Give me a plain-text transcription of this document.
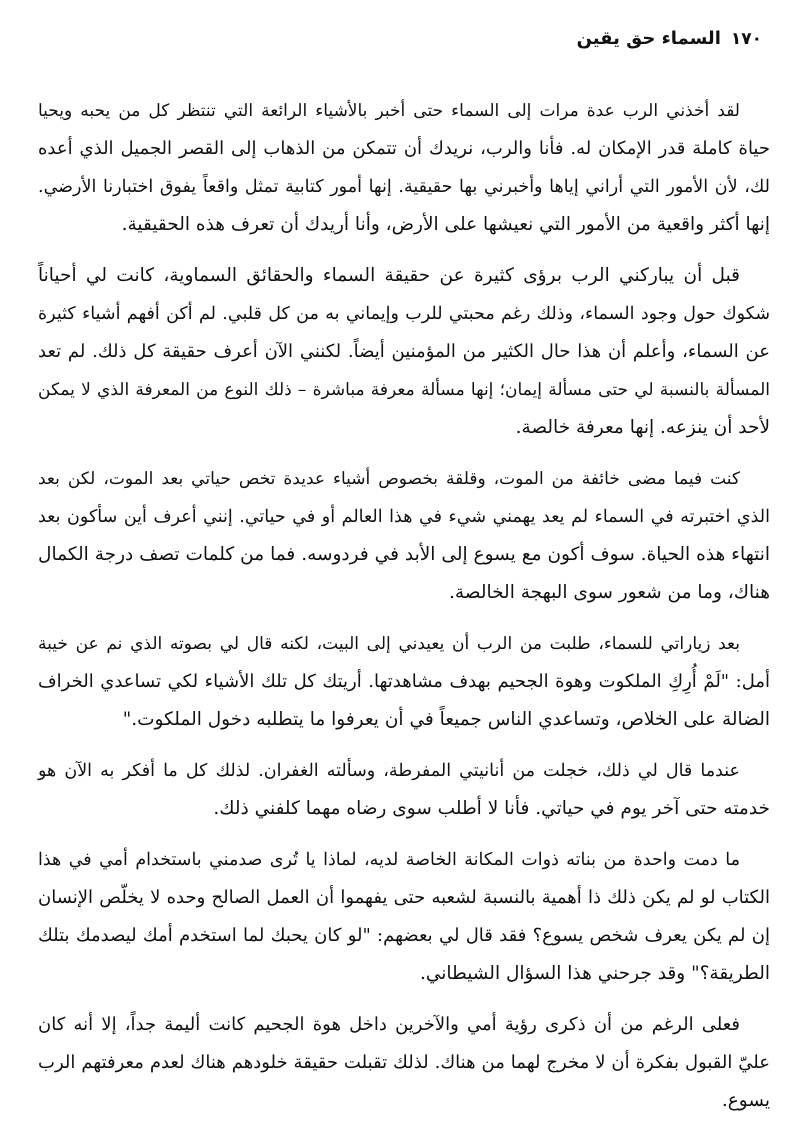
١٧٠
السماء حق يقين

لقد أخذني الرب عدة مرات إلى السماء حتى أخبر بالأشياء الرائعة التي تنتظر كل من يحبه ويحيا
حياة كاملة قدر الإمكان له. فأنا والرب، نريدك أن تتمكن من الذهاب إلى القصر الجميل الذي أعده
لك، لأن الأمور التي أراني إياها وأخبرني بها حقيقية. إنها أمور كتابية تمثل واقعاً يفوق اختبارنا الأرضي.
إنها أكثر واقعية من الأمور التي نعيشها على الأرض، وأنا أريدك أن تعرف هذه الحقيقية.

قبل أن يباركني الرب برؤى كثيرة عن حقيقة السماء والحقائق السماوية، كانت لي أحياناً
شكوك حول وجود السماء، وذلك رغم محبتي للرب وإيماني به من كل قلبي. لم أكن أفهم أشياء كثيرة
عن السماء، وأعلم أن هذا حال الكثير من المؤمنين أيضاً. لكنني الآن أعرف حقيقة كل ذلك. لم تعد
المسألة بالنسبة لي حتى مسألة إيمان؛ إنها مسألة معرفة مباشرة – ذلك النوع من المعرفة الذي لا يمكن
لأحد أن ينزعه. إنها معرفة خالصة.

كنت فيما مضى خائفة من الموت، وقلقة بخصوص أشياء عديدة تخص حياتي بعد الموت، لكن بعد
الذي اختبرته في السماء لم يعد يهمني شيء في هذا العالم أو في حياتي. إنني أعرف أين سأكون بعد
انتهاء هذه الحياة. سوف أكون مع يسوع إلى الأبد في فردوسه. فما من كلمات تصف درجة الكمال
هناك، وما من شعور سوى البهجة الخالصة.

بعد زياراتي للسماء، طلبت من الرب أن يعيدني إلى البيت، لكنه قال لي بصوته الذي نم عن خيبة
أمل: "لَمْ أُرِكِ الملكوت وهوة الجحيم بهدف مشاهدتها. أريتك كل تلك الأشياء لكي تساعدي الخراف
الضالة على الخلاص، وتساعدي الناس جميعاً في أن يعرفوا ما يتطلبه دخول الملكوت."

عندما قال لي ذلك، خجلت من أنانيتي المفرطة، وسألته الغفران. لذلك كل ما أفكر به الآن هو
خدمته حتى آخر يوم في حياتي. فأنا لا أطلب سوى رضاه مهما كلفني ذلك.

ما دمت واحدة من بناته ذوات المكانة الخاصة لديه، لماذا يا تُرى صدمني باستخدام أمي في هذا
الكتاب لو لم يكن ذلك ذا أهمية بالنسبة لشعبه حتى يفهموا أن العمل الصالح وحده لا يخلّص الإنسان
إن لم يكن يعرف شخص يسوع؟ فقد قال لي بعضهم: "لو كان يحبك لما استخدم أمك ليصدمك بتلك
الطريقة؟" وقد جرحني هذا السؤال الشيطاني.

فعلى الرغم من أن ذكرى رؤية أمي والآخرين داخل هوة الجحيم كانت أليمة جداً، إلا أنه كان
عليّ القبول بفكرة أن لا مخرج لهما من هناك. لذلك تقبلت حقيقة خلودهم هناك لعدم معرفتهم الرب
يسوع.
